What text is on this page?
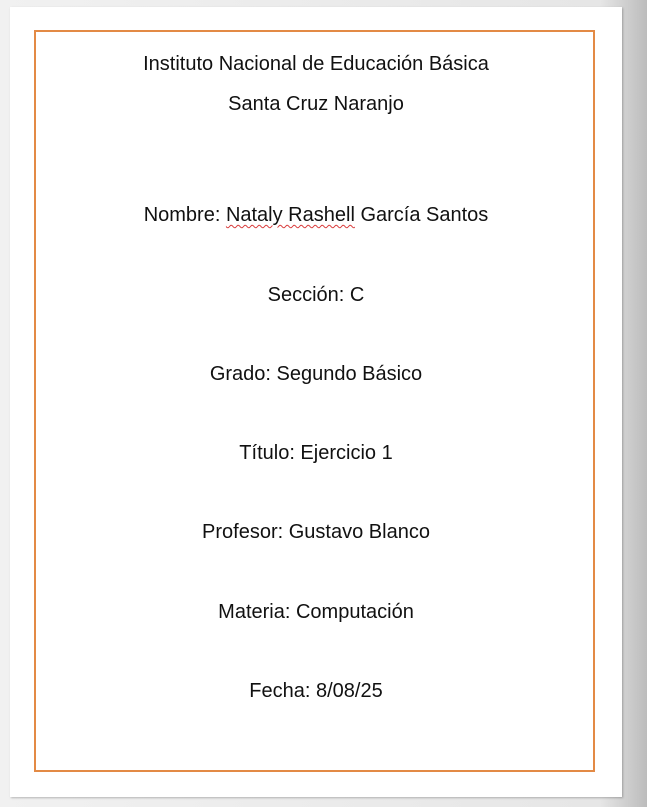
Instituto Nacional de Educación Básica
Santa Cruz Naranjo
Nombre: Nataly Rashell García Santos
Sección: C
Grado: Segundo Básico
Título: Ejercicio 1
Profesor: Gustavo Blanco
Materia: Computación
Fecha: 8/08/25
